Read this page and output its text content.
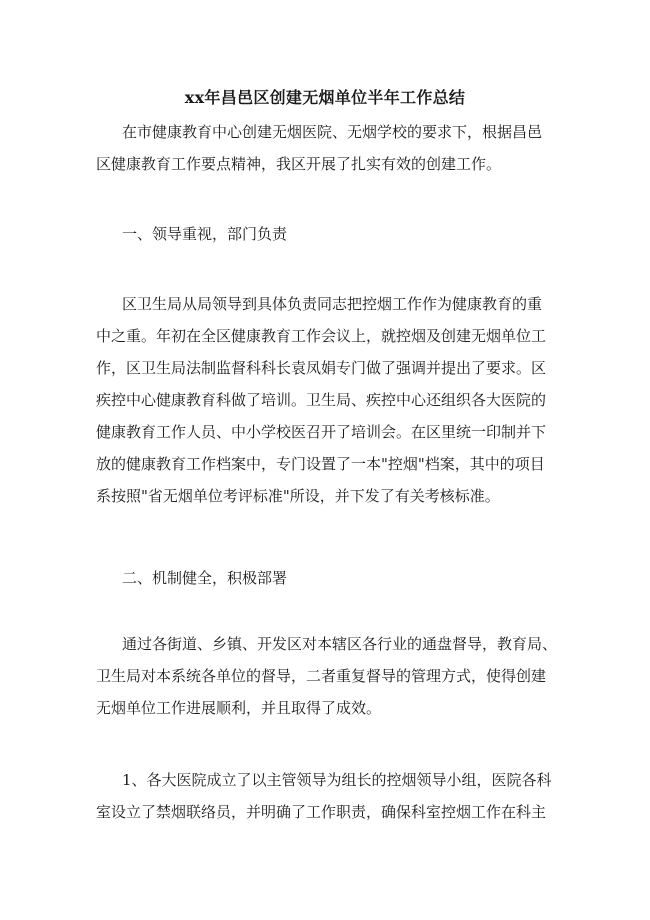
xx年昌邑区创建无烟单位半年工作总结
在市健康教育中心创建无烟医院、无烟学校的要求下，根据昌邑
区健康教育工作要点精神，我区开展了扎实有效的创建工作。
一、领导重视，部门负责
区卫生局从局领导到具体负责同志把控烟工作作为健康教育的重
中之重。年初在全区健康教育工作会议上，就控烟及创建无烟单位工
作，区卫生局法制监督科科长袁凤娟专门做了强调并提出了要求。区
疾控中心健康教育科做了培训。卫生局、疾控中心还组织各大医院的
健康教育工作人员、中小学校医召开了培训会。在区里统一印制并下
放的健康教育工作档案中，专门设置了一本"控烟"档案，其中的项目
系按照"省无烟单位考评标准"所设，并下发了有关考核标准。
二、机制健全，积极部署
通过各街道、乡镇、开发区对本辖区各行业的通盘督导，教育局、
卫生局对本系统各单位的督导，二者重复督导的管理方式，使得创建
无烟单位工作进展顺利，并且取得了成效。
1、各大医院成立了以主管领导为组长的控烟领导小组，医院各科
室设立了禁烟联络员，并明确了工作职责，确保科室控烟工作在科主
